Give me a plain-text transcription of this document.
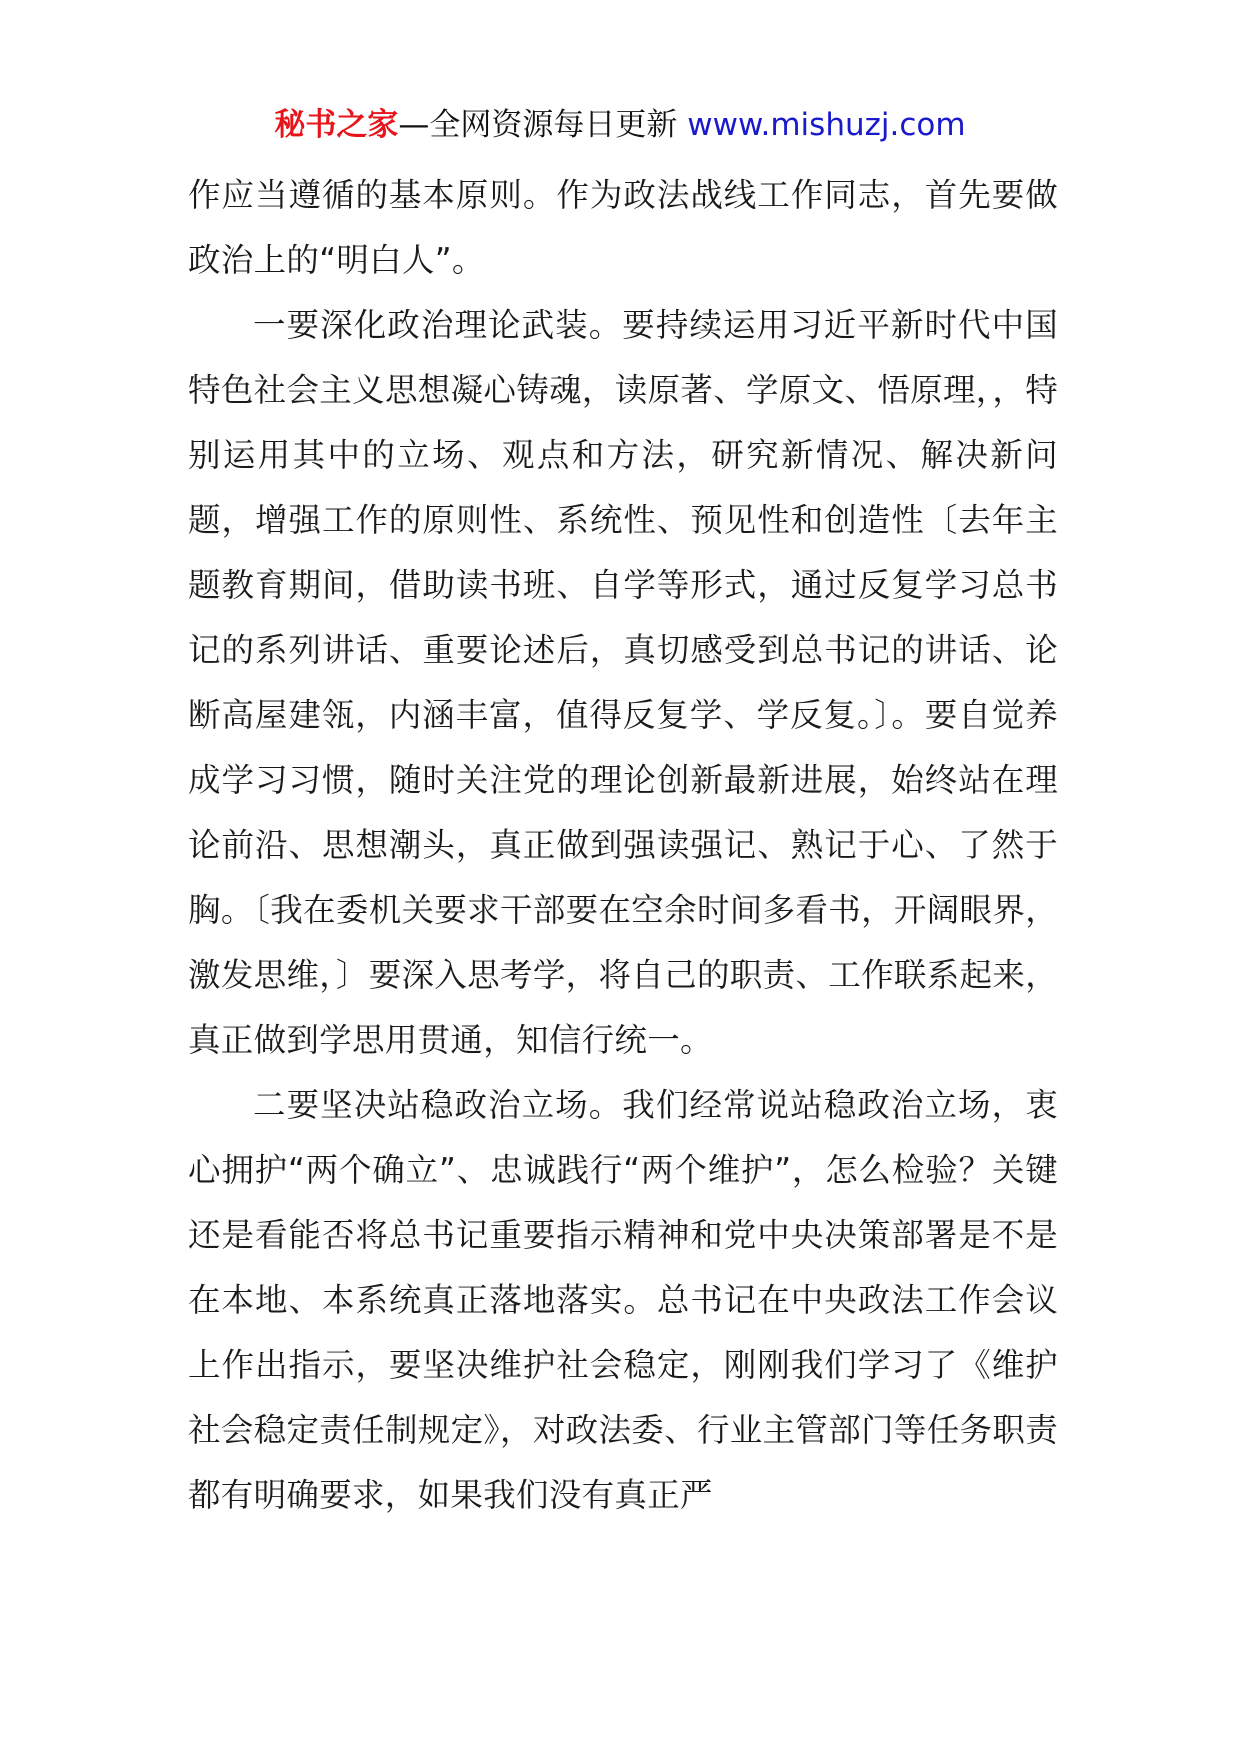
秘书之家—全网资源每日更新 www.mishuzj.com

作应当遵循的基本原则。作为政法战线工作同志，首先要做政治上的“明白人”。

一要深化政治理论武装。要持续运用习近平新时代中国特色社会主义思想凝心铸魂，读原著、学原文、悟原理，，特别运用其中的立场、观点和方法，研究新情况、解决新问题，增强工作的原则性、系统性、预见性和创造性〔去年主题教育期间，借助读书班、自学等形式，通过反复学习总书记的系列讲话、重要论述后，真切感受到总书记的讲话、论断高屋建瓴，内涵丰富，值得反复学、学反复。〕。要自觉养成学习习惯，随时关注党的理论创新最新进展，始终站在理论前沿、思想潮头，真正做到强读强记、熟记于心、了然于胸。〔我在委机关要求干部要在空余时间多看书，开阔眼界，激发思维，〕要深入思考学，将自己的职责、工作联系起来，真正做到学思用贯通，知信行统一。

二要坚决站稳政治立场。我们经常说站稳政治立场，衷心拥护“两个确立”、忠诚践行“两个维护”，怎么检验？关键还是看能否将总书记重要指示精神和党中央决策部署是不是在本地、本系统真正落地落实。总书记在中央政法工作会议上作出指示，要坚决维护社会稳定，刚刚我们学习了《维护社会稳定责任制规定》，对政法委、行业主管部门等任务职责都有明确要求，如果我们没有真正严
